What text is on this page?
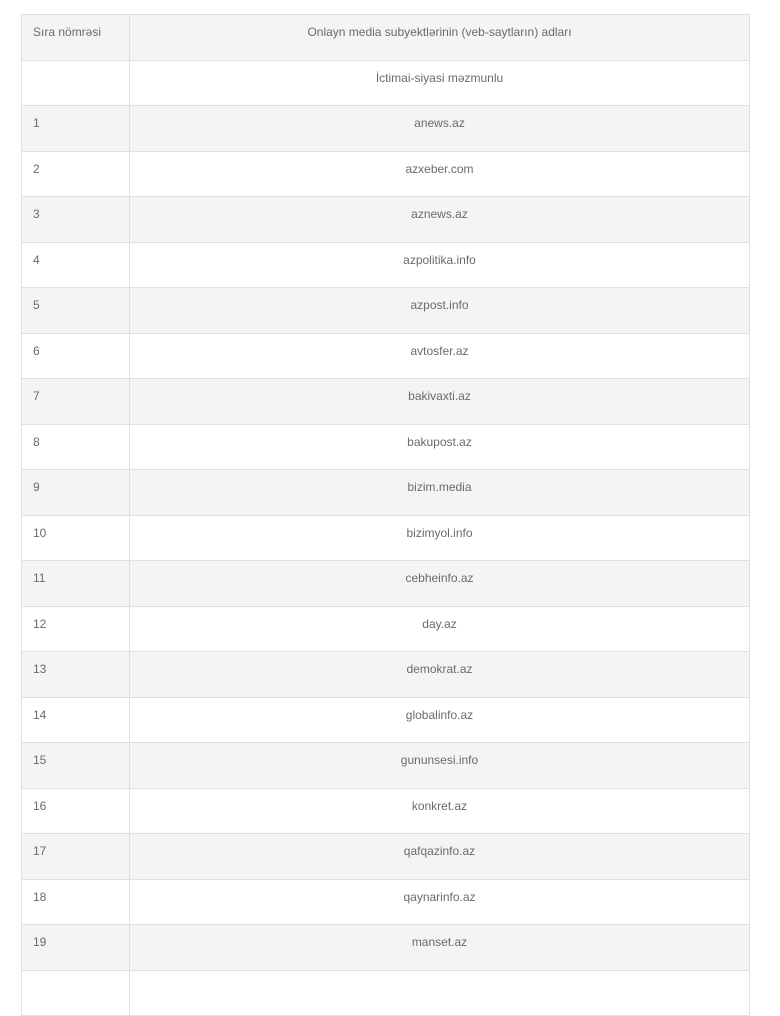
Sıra nömrəsi	Onlayn media subyektlərinin (veb-saytların) adları
	İctimai-siyasi məzmunlu
1	anews.az
2	azxeber.com
3	aznews.az
4	azpolitika.info
5	azpost.info
6	avtosfer.az
7	bakivaxti.az
8	bakupost.az
9	bizim.media
10	bizimyol.info
11	cebheinfo.az
12	day.az
13	demokrat.az
14	globalinfo.az
15	gununsesi.info
16	konkret.az
17	qafqazinfo.az
18	qaynarinfo.az
19	manset.az
